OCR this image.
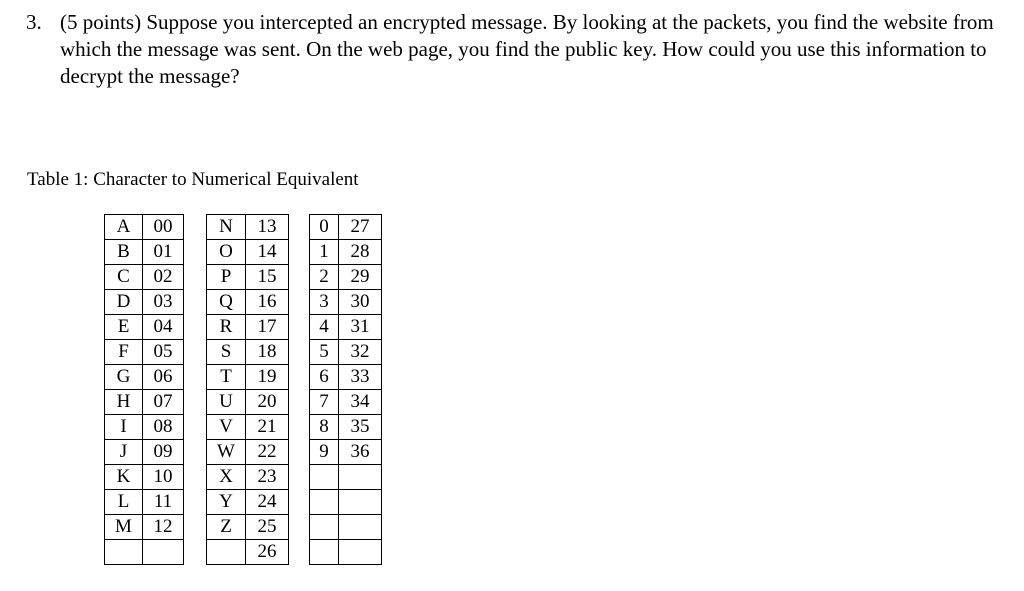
3. (5 points) Suppose you intercepted an encrypted message. By looking at the packets, you find the website from which the message was sent. On the web page, you find the public key. How could you use this information to decrypt the message?
Table 1: Character to Numerical Equivalent
A	00
B	01
C	02
D	03
E	04
F	05
G	06
H	07
I	08
J	09
K	10
L	11
M	12

N	13
O	14
P	15
Q	16
R	17
S	18
T	19
U	20
V	21
W	22
X	23
Y	24
Z	25
	26
0	27
1	28
2	29
3	30
4	31
5	32
6	33
7	34
8	35
9	36
